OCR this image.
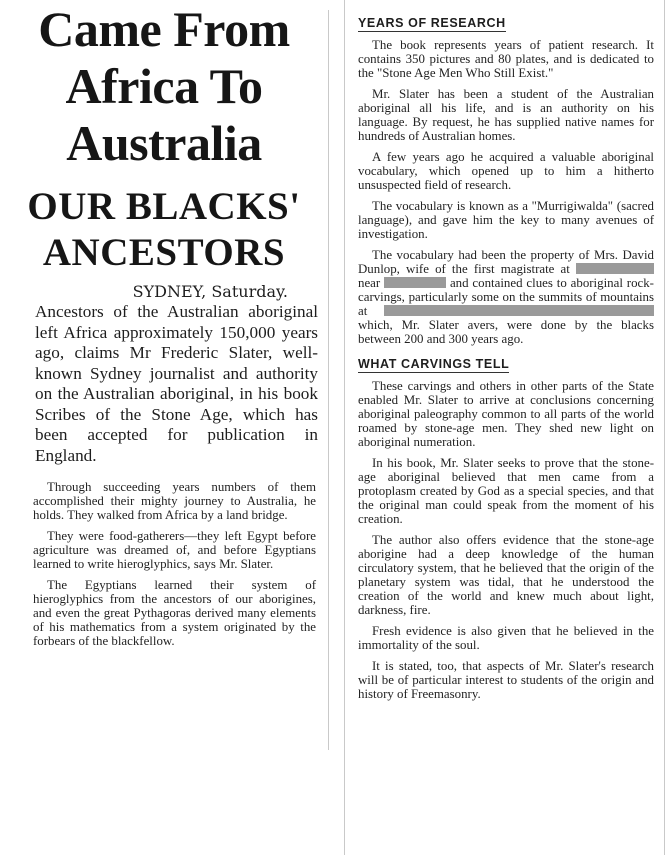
Came From Africa To Australia
OUR BLACKS' ANCESTORS

SYDNEY, Saturday.

Ancestors of the Australian aboriginal left Africa approximately 150,000 years ago, claims Mr Frederic Slater, well-known Sydney journalist and authority on the Australian aboriginal, in his book Scribes of the Stone Age, which has been accepted for publication in England.

Through succeeding years numbers of them accomplished their mighty journey to Australia, he holds. They walked from Africa by a land bridge.

They were food-gatherers—they left Egypt before agriculture was dreamed of, and before Egyptians learned to write hieroglyphics, says Mr. Slater.

The Egyptians learned their system of hieroglyphics from the ancestors of our aborigines, and even the great Pythagoras derived many elements of his mathematics from a system originated by the forbears of the blackfellow.

YEARS OF RESEARCH

The book represents years of patient research. It contains 350 pictures and 80 plates, and is dedicated to the "Stone Age Men Who Still Exist."

Mr. Slater has been a student of the Australian aboriginal all his life, and is an authority on his language. By request, he has supplied native names for hundreds of Australian homes.

A few years ago he acquired a valuable aboriginal vocabulary, which opened up to him a hitherto unsuspected field of research.

The vocabulary is known as a "Murrigiwalda" (sacred language), and gave him the key to many avenues of investigation.

The vocabulary had been the property of Mrs. David Dunlop, wife of the first magistrate at  near	and contained clues to aboriginal rock-carvings, particularly some on the summits of mountains at  which, Mr. Slater avers, were done by the blacks between 200 and 300 years ago.

WHAT CARVINGS TELL

These carvings and others in other parts of the State enabled Mr. Slater to arrive at conclusions concerning aboriginal paleography common to all parts of the world roamed by stone-age men. They shed new light on aboriginal numeration.

In his book, Mr. Slater seeks to prove that the stone-age aboriginal believed that men came from a protoplasm created by God as a special species, and that the original man could speak from the moment of his creation.

The author also offers evidence that the stone-age aborigine had a deep knowledge of the human circulatory system, that he believed that the origin of the planetary system was tidal, that he understood the creation of the world and knew much about light, darkness, fire.

Fresh evidence is also given that he believed in the immortality of the soul.

It is stated, too, that aspects of Mr. Slater's research will be of particular interest to students of the origin and history of Freemasonry.
